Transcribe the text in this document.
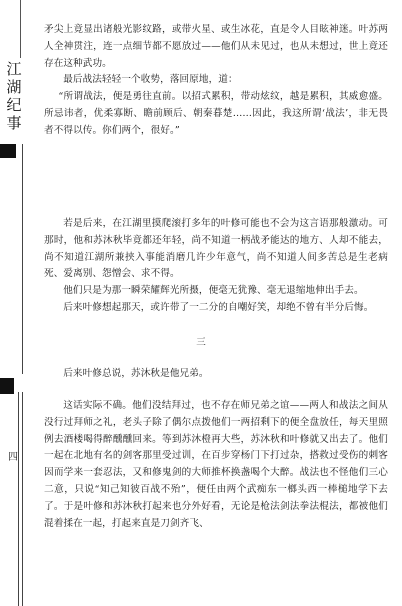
江
湖
纪
事
四

矛尖上竟显出诸般光影纹路，或带火星、或生冰花，直是令人目眩神迷。叶苏两人全神贯注，连一点细节都不愿放过——他们从未见过，也从未想过，世上竟还存在这种武功。

最后战法轻轻一个收势，落回原地，道：

“所谓战法，便是勇往直前。以招式累积，带动炫纹，越是累积，其威愈盛。所忌讳者，优柔寡断、瞻前顾后、朝秦暮楚……因此，我这所谓‘战法’，非无畏者不得以传。你们两个，很好。”

若是后来，在江湖里摸爬滚打多年的叶修可能也不会为这言语那般激动。可那时，他和苏沐秋毕竟都还年轻，尚不知道一柄战矛能达的地方、人却不能去，尚不知道江湖所兼挟入事能消磨几许少年意气，尚不知道人间多苦总是生老病死、爱离别、怨憎会、求不得。

他们只是为那一瞬荣耀辉光所摄，便毫无犹豫、毫无退缩地伸出手去。

后来叶修想起那天，或许带了一二分的自嘲好笑，却绝不曾有半分后悔。

三

后来叶修总说，苏沐秋是他兄弟。

这话实际不确。他们没结拜过，也不存在师兄弟之谊——两人和战法之间从没行过拜师之礼，老头子除了偶尔点拨他们一两招剩下的便全盘放任，每天里照例去酒楼喝得醉醺醺回来。等到苏沐橙再大些，苏沐秋和叶修就又出去了。他们一起在北地有名的剑客那里受过训，在百步穿杨门下打过杂，搭救过受伤的刺客因而学来一套忍法，又和修鬼剑的大师推杯换盏喝个大醉。战法也不怪他们三心二意，只说“知己知彼百战不殆”，便任由两个武痴东一榔头西一棒槌地学下去了。于是叶修和苏沐秋打起来也分外好看，无论是枪法剑法拳法棍法，都被他们混着揉在一起，打起来直是刀剑齐飞、
